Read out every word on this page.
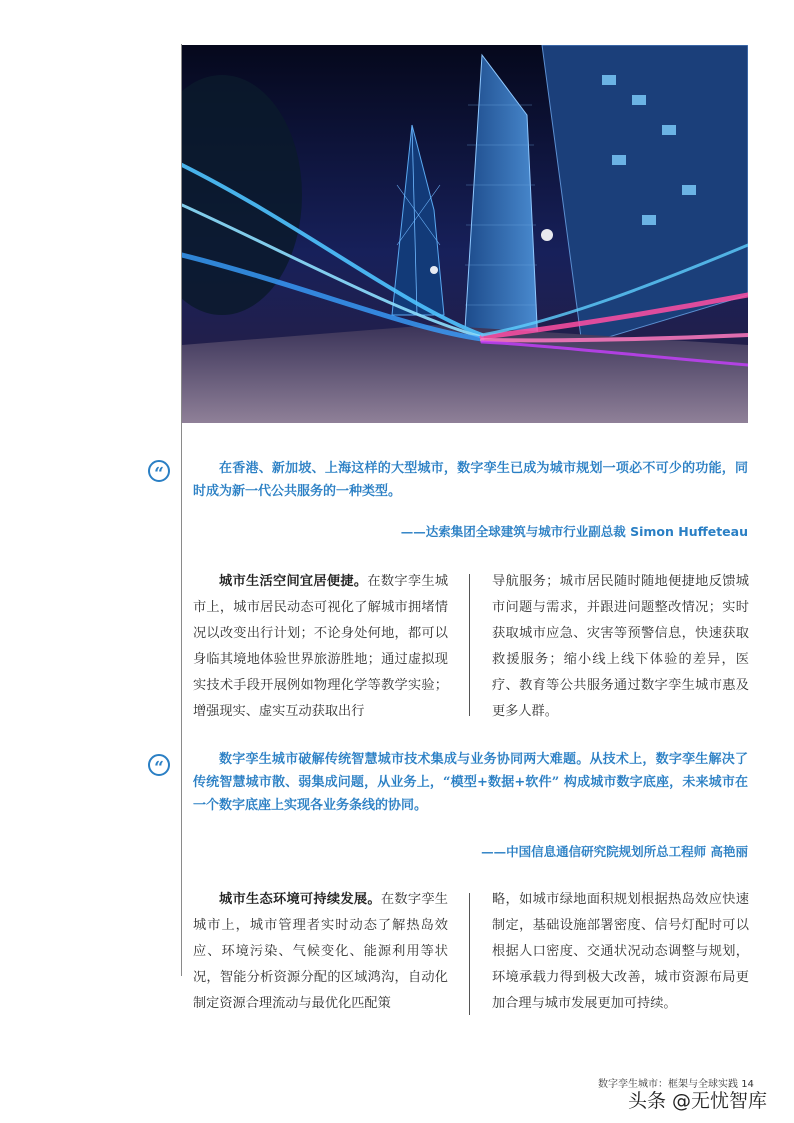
“	在香港、新加坡、上海这样的大型城市，数字孪生已成为城市规划一项必不可少的功能，同时成为新一代公共服务的一种类型。
——达索集团全球建筑与城市行业副总裁 Simon Huffeteau
城市生活空间宜居便捷。在数字孪生城市上，城市居民动态可视化了解城市拥堵情况以改变出行计划；不论身处何地，都可以身临其境地体验世界旅游胜地；通过虚拟现实技术手段开展例如物理化学等教学实验；增强现实、虚实互动获取出行
导航服务；城市居民随时随地便捷地反馈城市问题与需求，并跟进问题整改情况；实时获取城市应急、灾害等预警信息，快速获取救援服务；缩小线上线下体验的差异，医疗、教育等公共服务通过数字孪生城市惠及更多人群。
“	数字孪生城市破解传统智慧城市技术集成与业务协同两大难题。从技术上，数字孪生解决了传统智慧城市散、弱集成问题，从业务上，“模型+数据+软件” 构成城市数字底座，未来城市在一个数字底座上实现各业务条线的协同。
——中国信息通信研究院规划所总工程师 高艳丽
城市生态环境可持续发展。在数字孪生城市上，城市管理者实时动态了解热岛效应、环境污染、气候变化、能源利用等状况，智能分析资源分配的区域鸿沟，自动化制定资源合理流动与最优化匹配策
略，如城市绿地面积规划根据热岛效应快速制定，基础设施部署密度、信号灯配时可以根据人口密度、交通状况动态调整与规划，环境承载力得到极大改善，城市资源布局更加合理与城市发展更加可持续。
数字孪生城市：框架与全球实践 14
头条 @无忧智库
